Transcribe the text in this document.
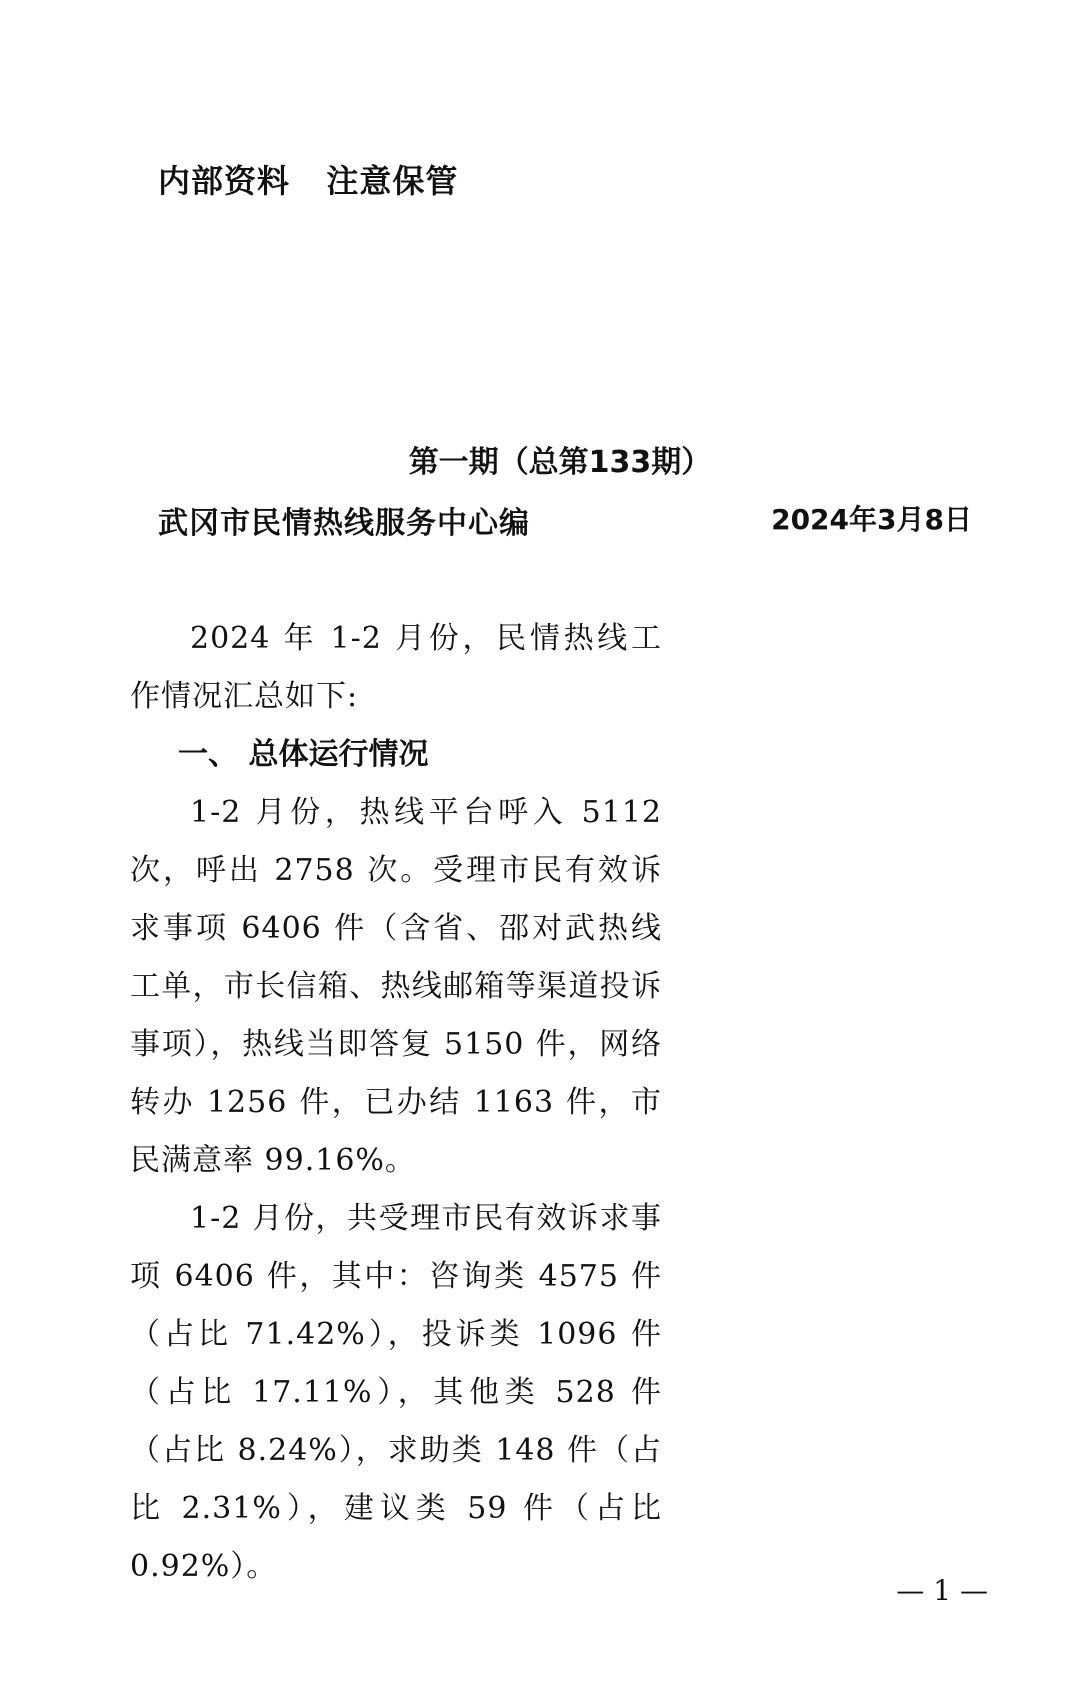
内部资料   注意保管
第一期（总第133期）
武冈市民情热线服务中心编	2024年3月8日

2024 年 1-2 月份，民情热线工作情况汇总如下:

一、 总体运行情况

1-2 月份，热线平台呼入 5112 次，呼出 2758 次。受理市民有效诉求事项 6406 件（含省、邵对武热线工单，市长信箱、热线邮箱等渠道投诉事项），热线当即答复 5150 件，网络转办 1256 件，已办结 1163 件，市民满意率 99.16%。

1-2 月份，共受理市民有效诉求事项 6406 件，其中：咨询类 4575 件（占比 71.42%），投诉类 1096 件（占比 17.11%），其他类 528 件（占比 8.24%），求助类 148 件（占比 2.31%），建议类 59 件（占比 0.92%）。

— 1 —
